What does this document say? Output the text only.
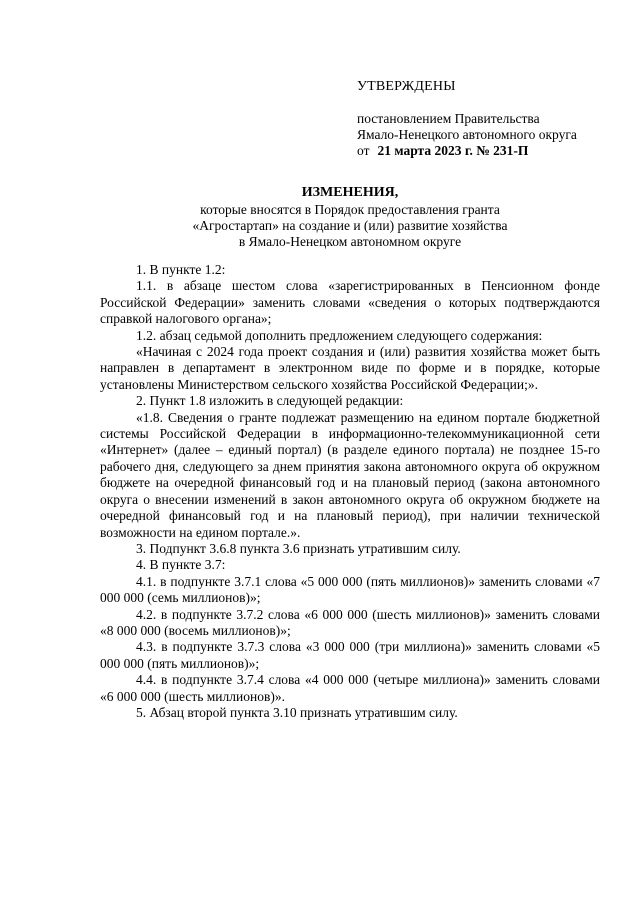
УТВЕРЖДЕНЫ
постановлением Правительства
Ямало-Ненецкого автономного округа
от 21 марта 2023 г. № 231-П
ИЗМЕНЕНИЯ,
которые вносятся в Порядок предоставления гранта
«Агростартап» на создание и (или) развитие хозяйства
в Ямало-Ненецком автономном округе

1. В пункте 1.2:

1.1. в абзаце шестом слова «зарегистрированных в Пенсионном фонде Российской Федерации» заменить словами «сведения о которых подтверждаются справкой налогового органа»;

1.2. абзац седьмой дополнить предложением следующего содержания:

«Начиная с 2024 года проект создания и (или) развития хозяйства может быть направлен в департамент в электронном виде по форме и в порядке, которые установлены Министерством сельского хозяйства Российской Федерации;».

2. Пункт 1.8 изложить в следующей редакции:

«1.8. Сведения о гранте подлежат размещению на едином портале бюджетной системы Российской Федерации в информационно-телекоммуникационной сети «Интернет» (далее – единый портал) (в разделе единого портала) не позднее 15-го рабочего дня, следующего за днем принятия закона автономного округа об окружном бюджете на очередной финансовый год и на плановый период (закона автономного округа о внесении изменений в закон автономного округа об окружном бюджете на очередной финансовый год и на плановый период), при наличии технической возможности на едином портале.».

3. Подпункт 3.6.8 пункта 3.6 признать утратившим силу.

4. В пункте 3.7:

4.1. в подпункте 3.7.1 слова «5 000 000 (пять миллионов)» заменить словами «7 000 000 (семь миллионов)»;

4.2. в подпункте 3.7.2 слова «6 000 000 (шесть миллионов)» заменить словами «8 000 000 (восемь миллионов)»;

4.3. в подпункте 3.7.3 слова «3 000 000 (три миллиона)» заменить словами «5 000 000 (пять миллионов)»;

4.4. в подпункте 3.7.4 слова «4 000 000 (четыре миллиона)» заменить словами «6 000 000 (шесть миллионов)».

5. Абзац второй пункта 3.10 признать утратившим силу.
